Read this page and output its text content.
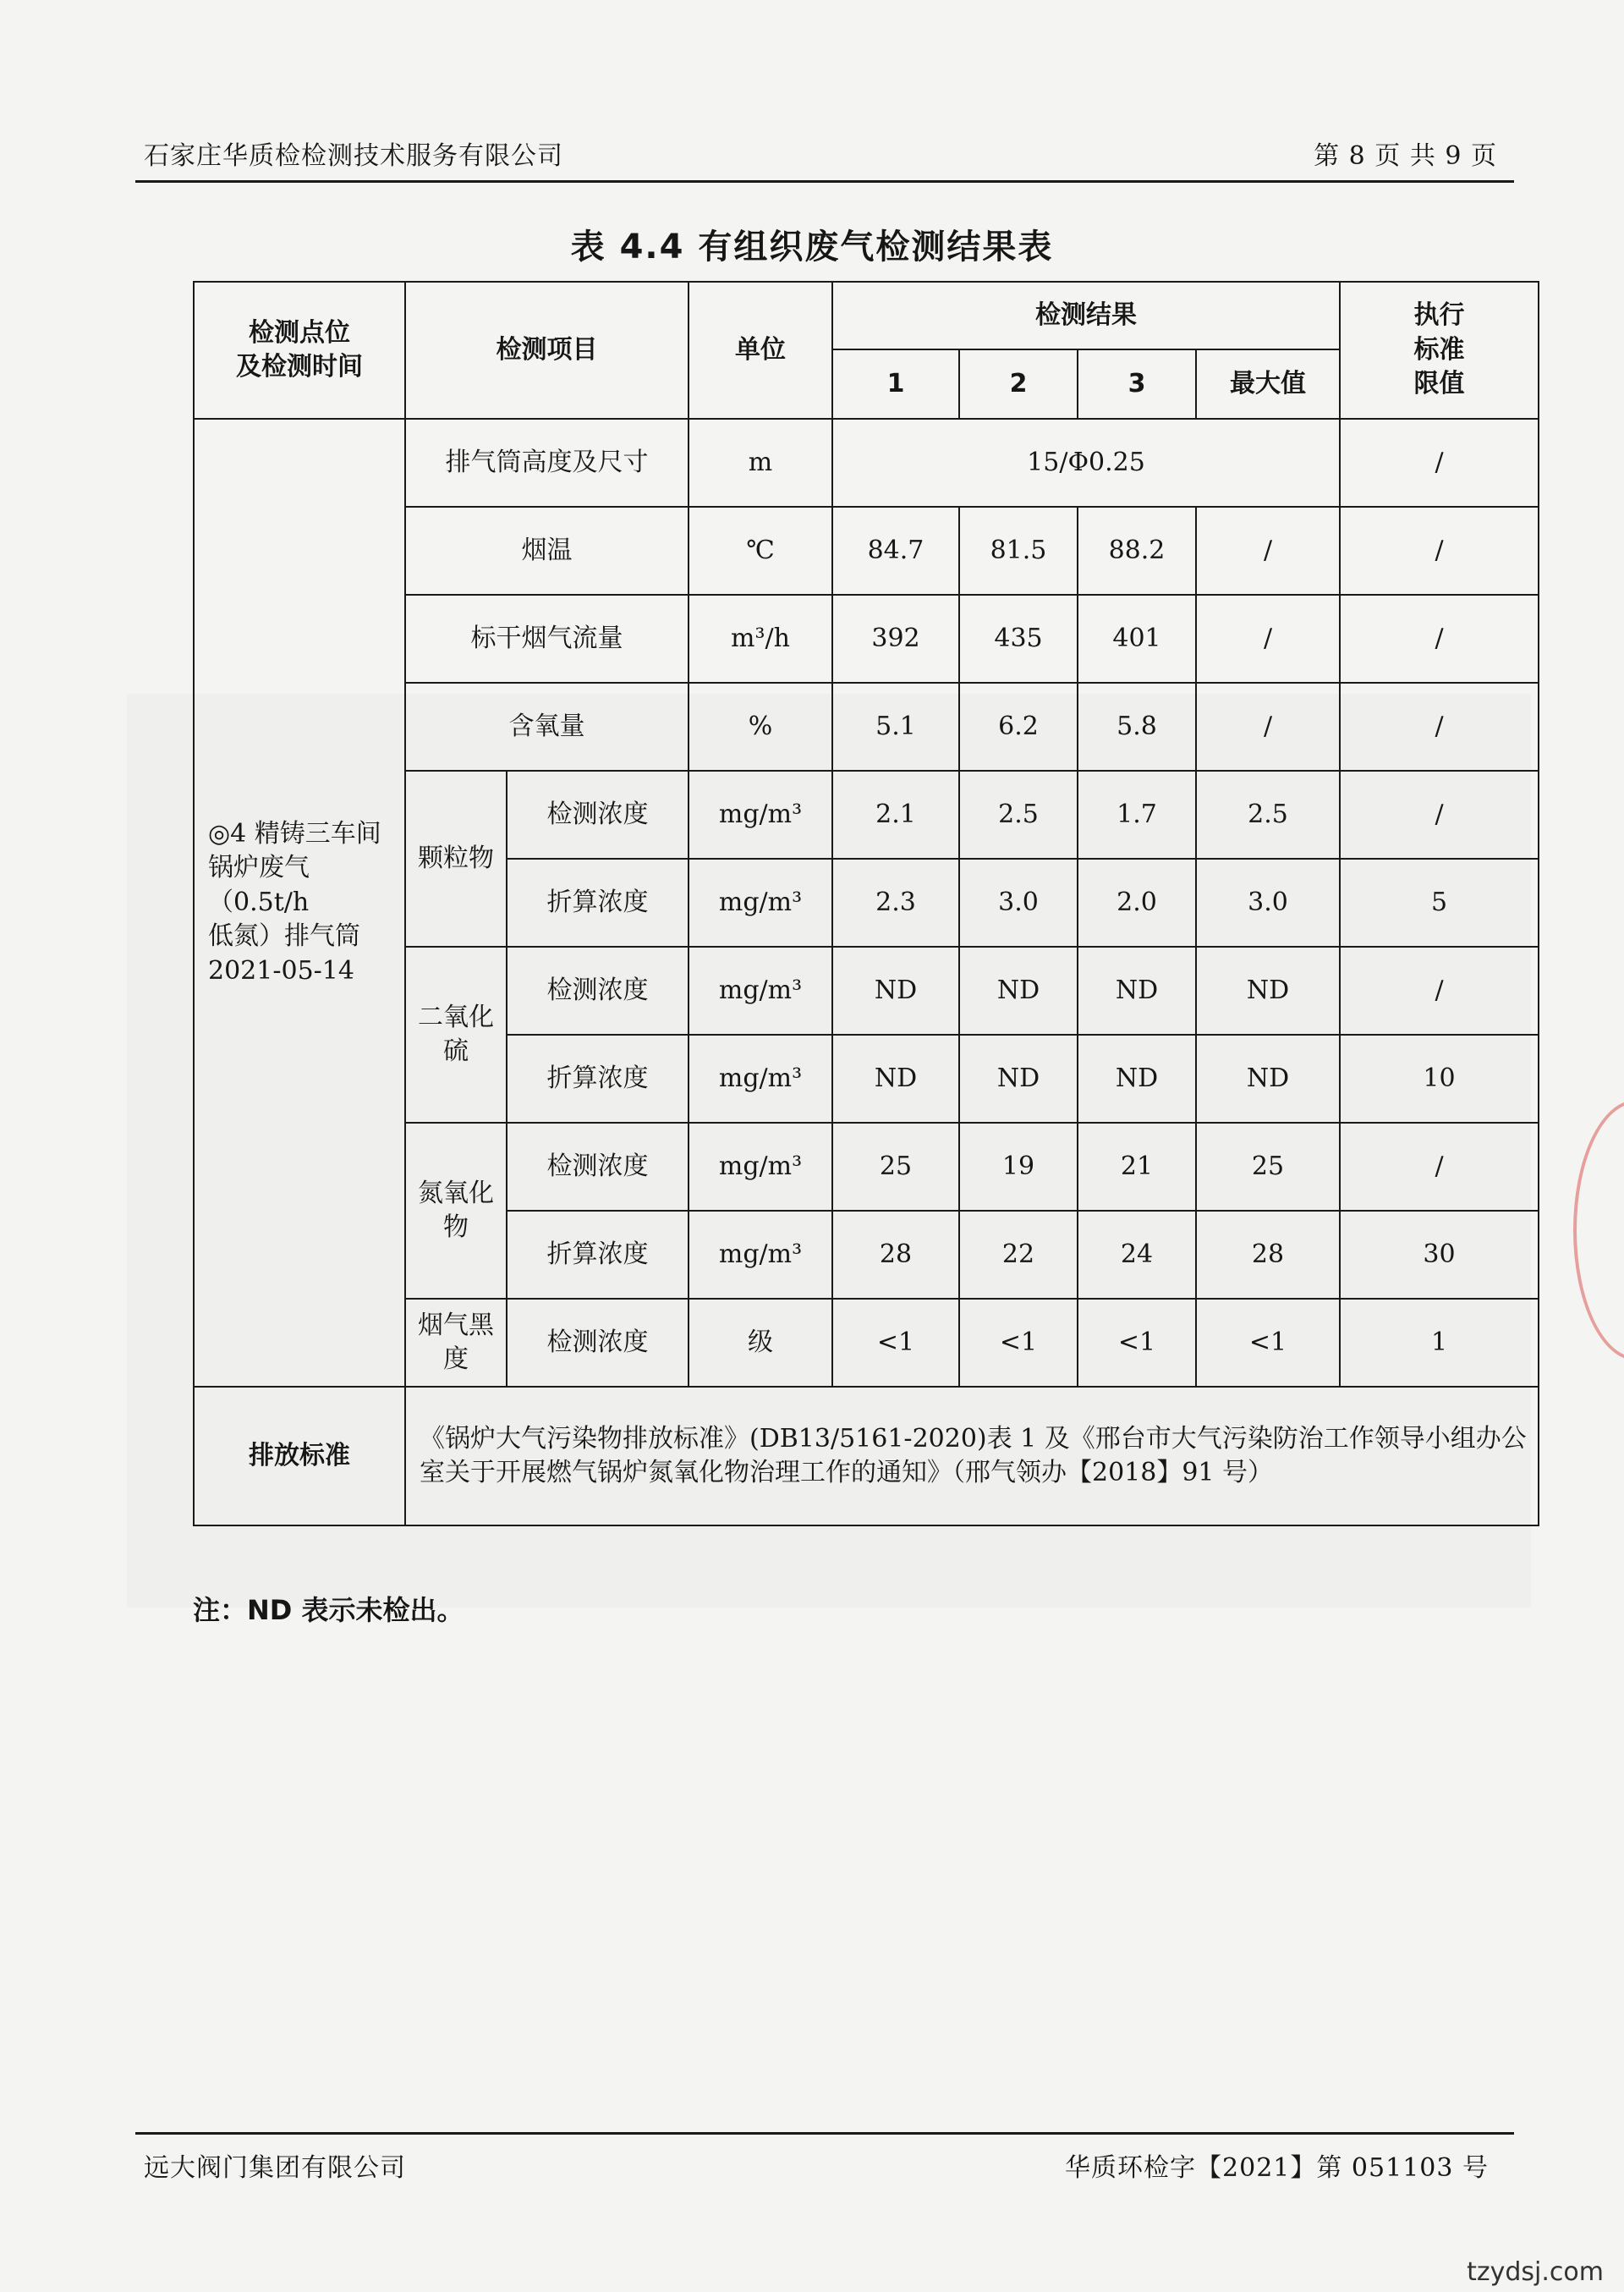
石家庄华质检检测技术服务有限公司	第 8 页 共 9 页
表 4.4 有组织废气检测结果表
检测点位
及检测时间	检测项目		单位	检测结果				执行
标准
限值
				1	2	3	最大值	
◎4 精铸三车间
锅炉废气（0.5t/h
低氮）排气筒
2021-05-14	排气筒高度及尺寸		m	15/Φ0.25				/
	烟温		℃	84.7	81.5	88.2	/	/
	标干烟气流量		m³/h	392	435	401	/	/
	含氧量		%	5.1	6.2	5.8	/	/
	颗粒物	检测浓度	mg/m³	2.1	2.5	1.7	2.5	/
		折算浓度	mg/m³	2.3	3.0	2.0	3.0	5
	二氧化硫	检测浓度	mg/m³	ND	ND	ND	ND	/
		折算浓度	mg/m³	ND	ND	ND	ND	10
	氮氧化物	检测浓度	mg/m³	25	19	21	25	/
		折算浓度	mg/m³	28	22	24	28	30
	烟气黑度	检测浓度	级	<1	<1	<1	<1	1
排放标准	《锅炉大气污染物排放标准》(DB13/5161-2020)表 1 及《邢台市大气污染防治工作领导小组办公室关于开展燃气锅炉氮氧化物治理工作的通知》（邢气领办【2018】91 号）							
注：ND 表示未检出。
远大阀门集团有限公司	华质环检字【2021】第 051103 号
tzydsj.com
